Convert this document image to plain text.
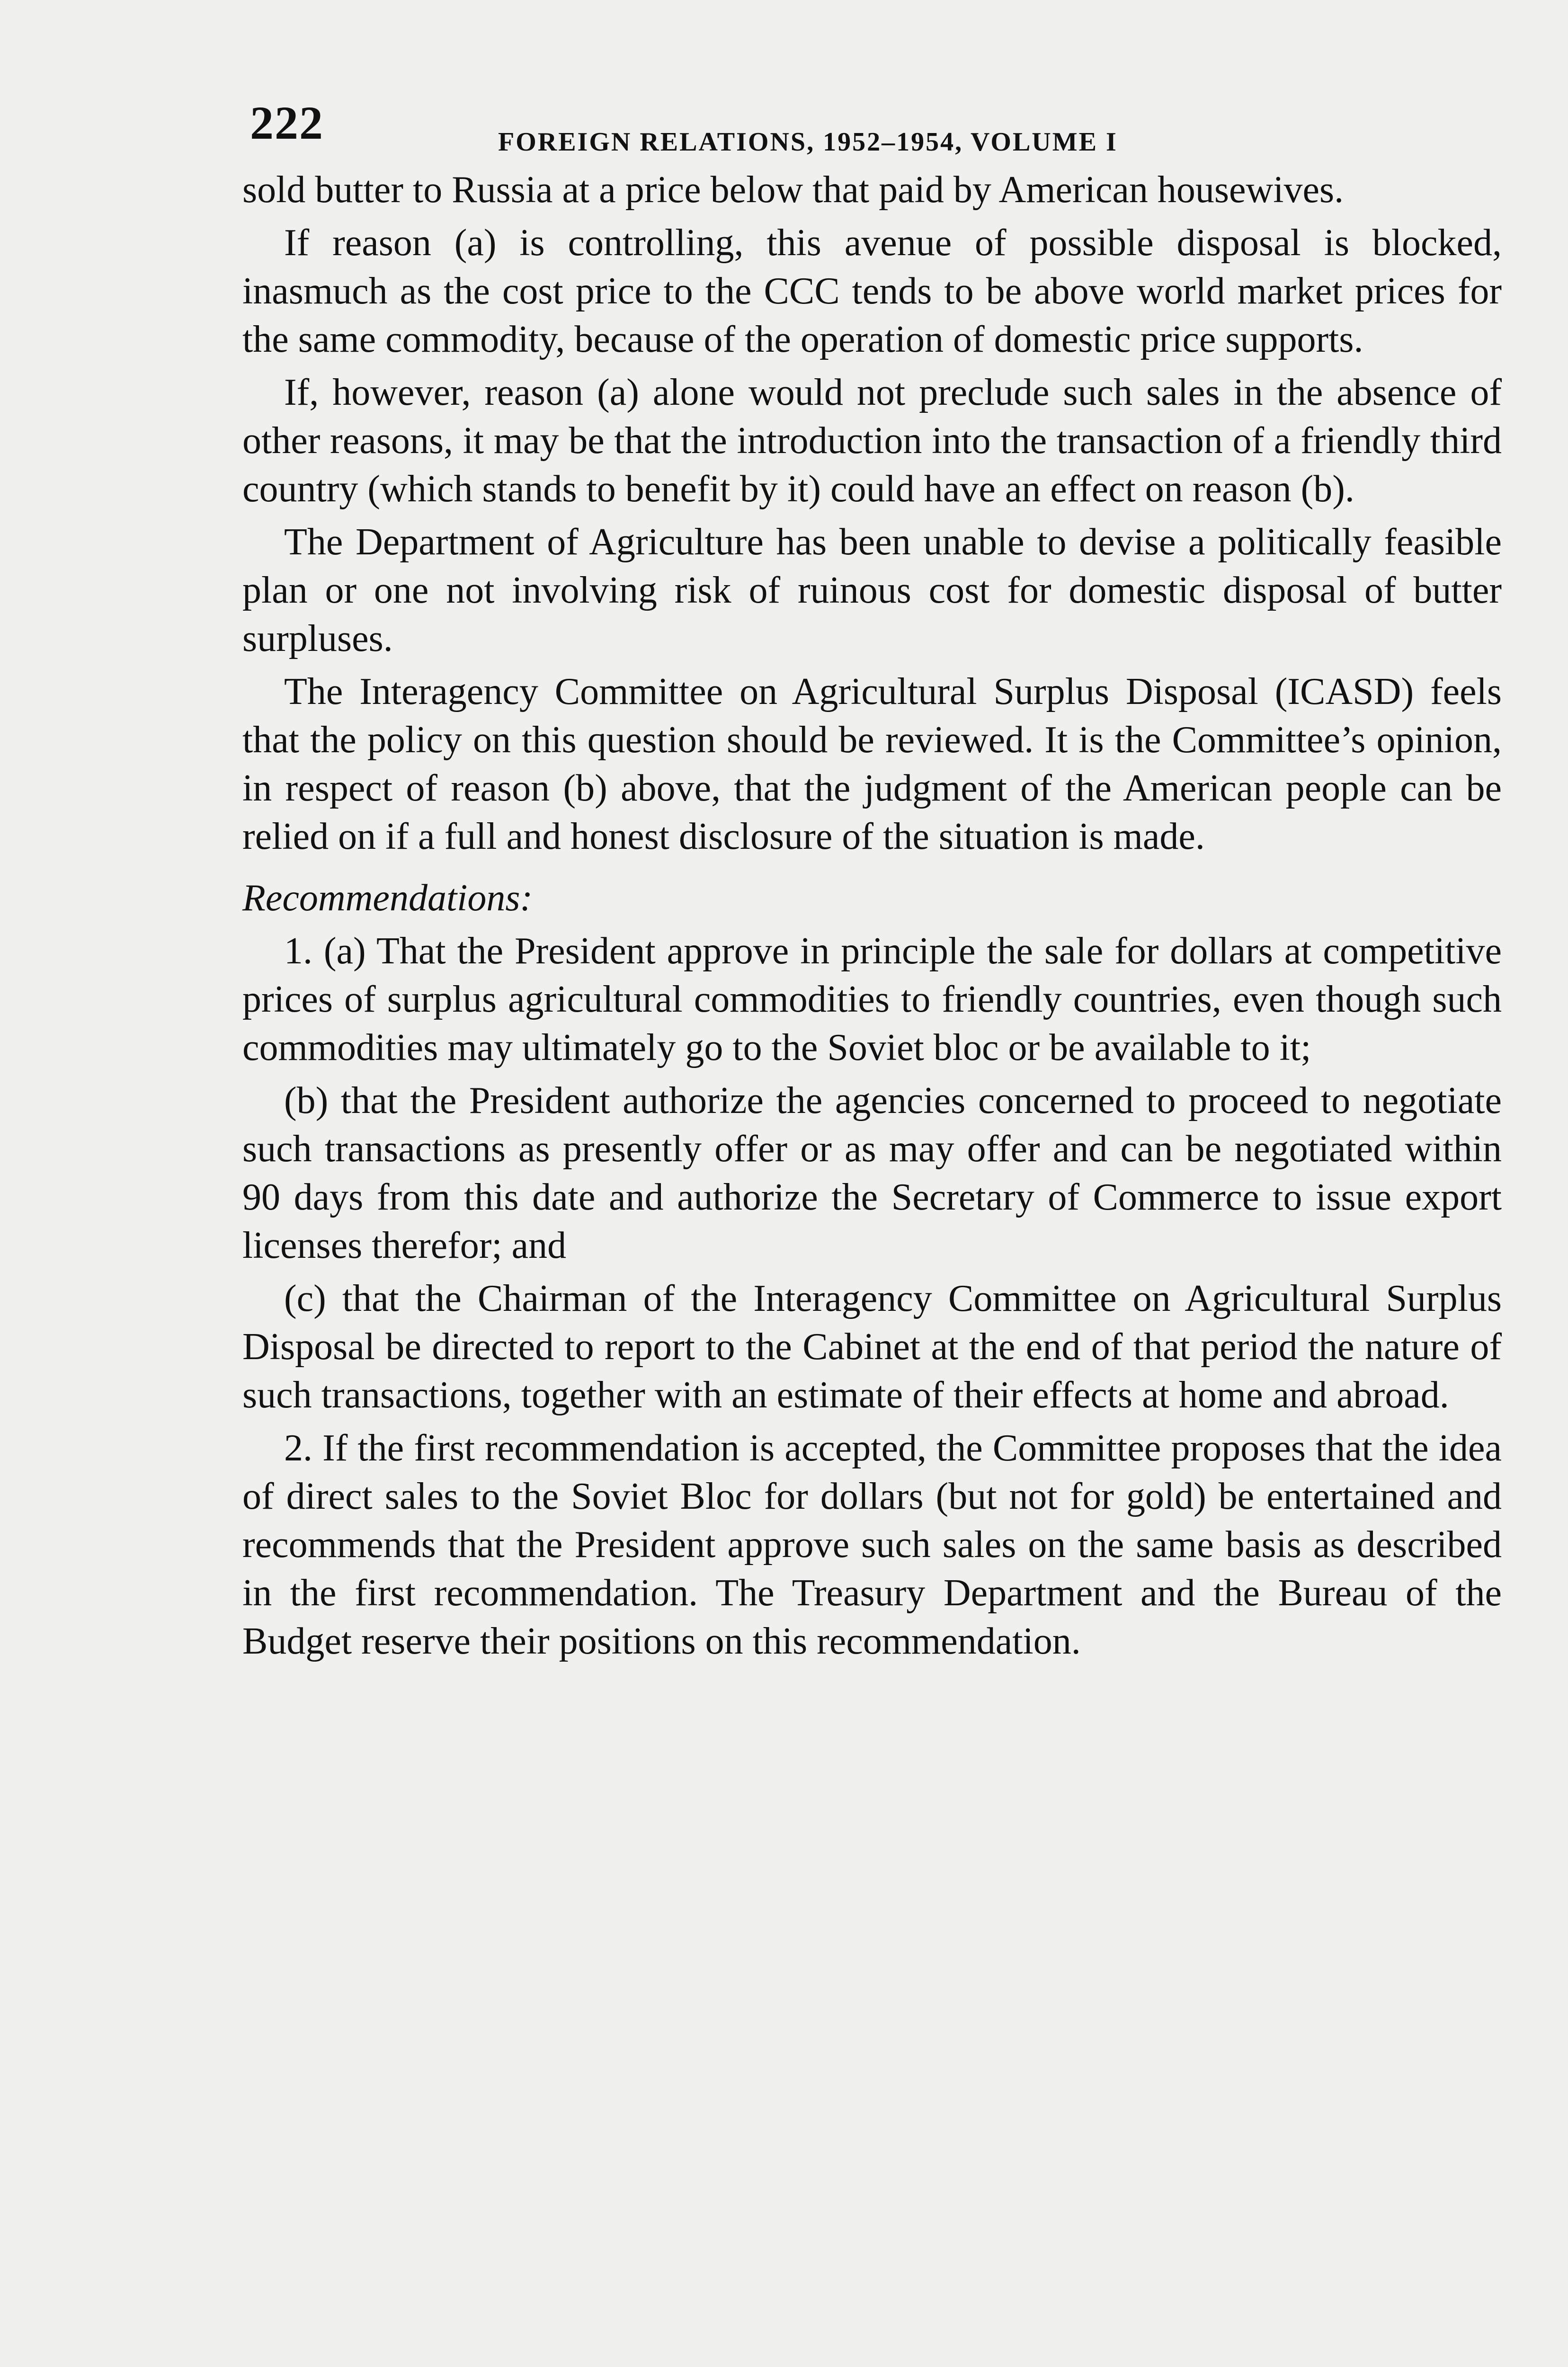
222	FOREIGN RELATIONS, 1952–1954, VOLUME I

sold butter to Russia at a price below that paid by American housewives.

If reason (a) is controlling, this avenue of possible disposal is blocked, inasmuch as the cost price to the CCC tends to be above world market prices for the same commodity, because of the operation of domestic price supports.

If, however, reason (a) alone would not preclude such sales in the absence of other reasons, it may be that the introduction into the transaction of a friendly third country (which stands to benefit by it) could have an effect on reason (b).

The Department of Agriculture has been unable to devise a politically feasible plan or one not involving risk of ruinous cost for domestic disposal of butter surpluses.

The Interagency Committee on Agricultural Surplus Disposal (ICASD) feels that the policy on this question should be reviewed. It is the Committee’s opinion, in respect of reason (b) above, that the judgment of the American people can be relied on if a full and honest disclosure of the situation is made.

Recommendations:

1. (a) That the President approve in principle the sale for dollars at competitive prices of surplus agricultural commodities to friendly countries, even though such commodities may ultimately go to the Soviet bloc or be available to it;

(b) that the President authorize the agencies concerned to proceed to negotiate such transactions as presently offer or as may offer and can be negotiated within 90 days from this date and authorize the Secretary of Commerce to issue export licenses therefor; and

(c) that the Chairman of the Interagency Committee on Agricultural Surplus Disposal be directed to report to the Cabinet at the end of that period the nature of such transactions, together with an estimate of their effects at home and abroad.

2. If the first recommendation is accepted, the Committee proposes that the idea of direct sales to the Soviet Bloc for dollars (but not for gold) be entertained and recommends that the President approve such sales on the same basis as described in the first recommendation. The Treasury Department and the Bureau of the Budget reserve their positions on this recommendation.
